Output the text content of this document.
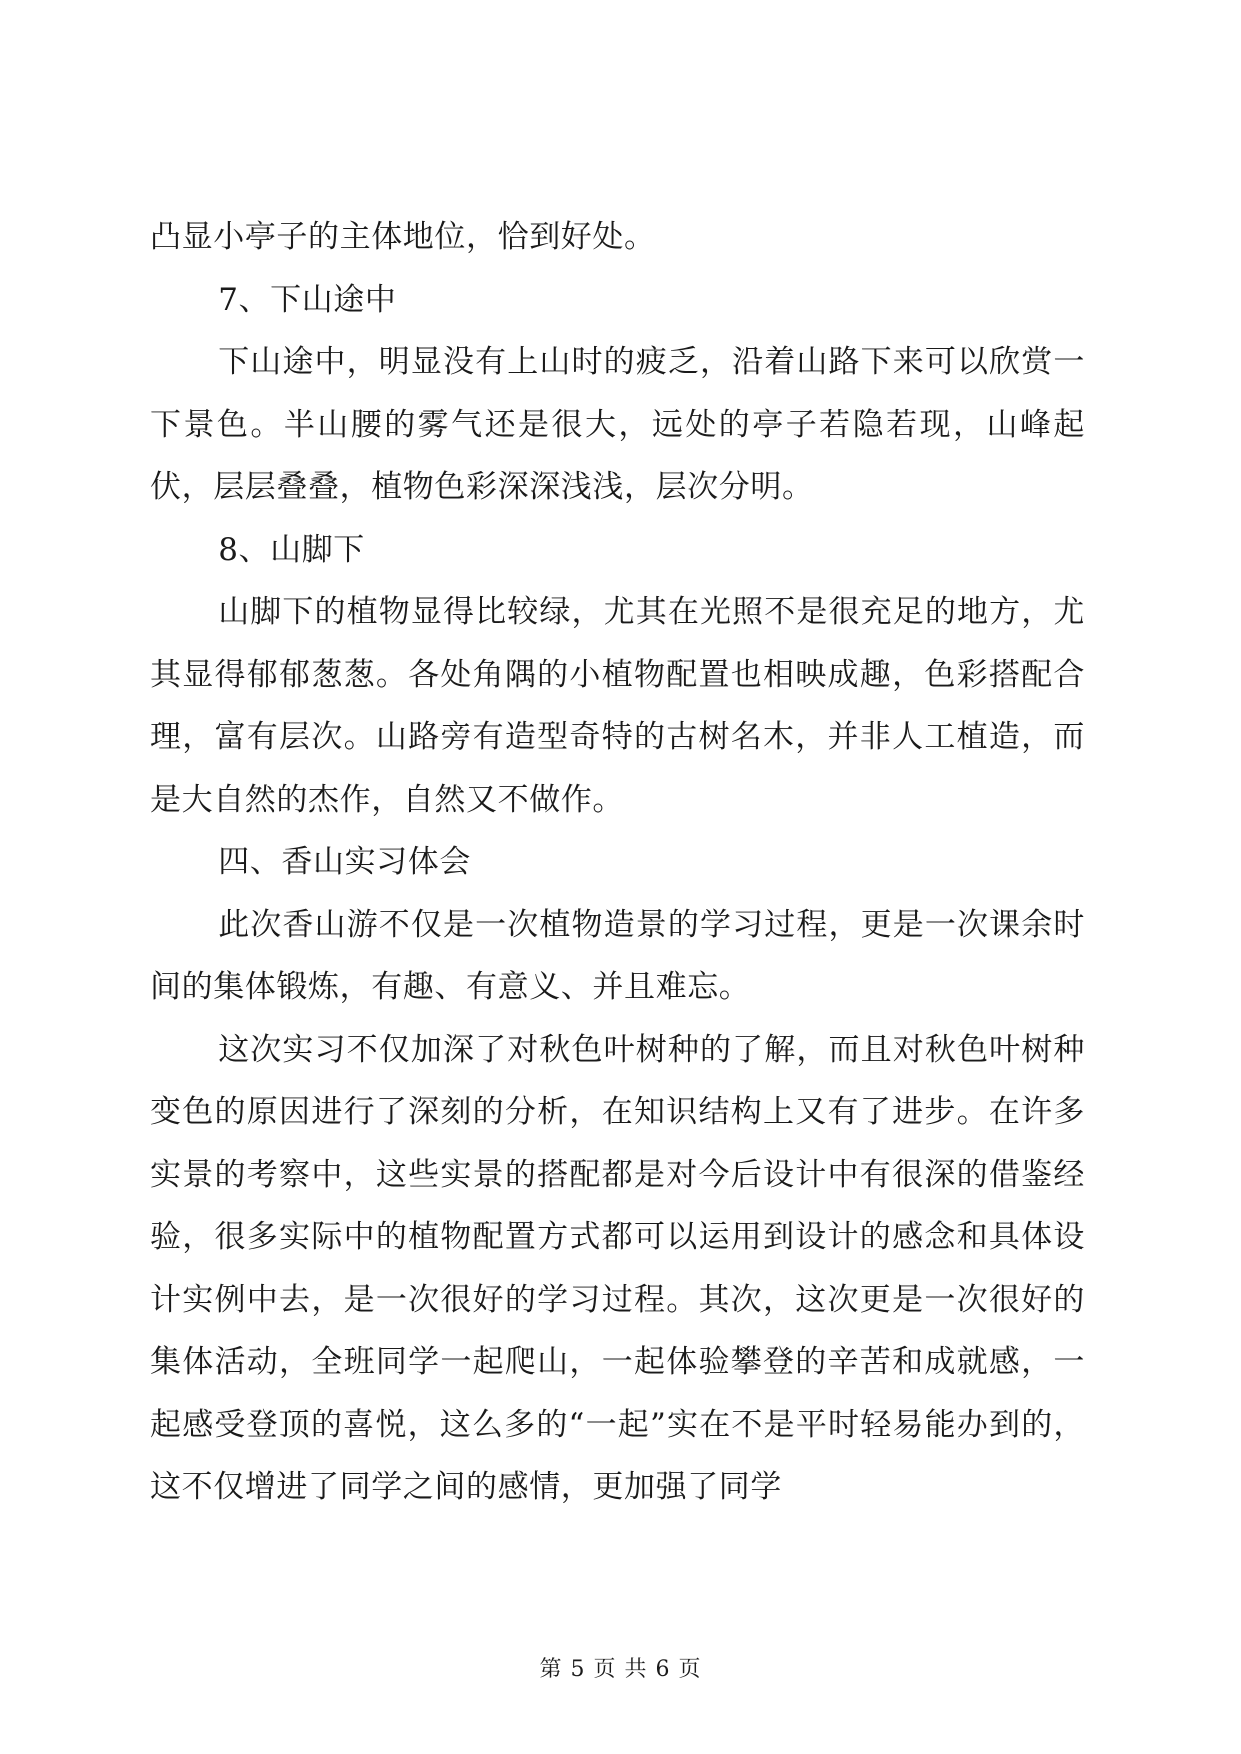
凸显小亭子的主体地位，恰到好处。

7、下山途中

下山途中，明显没有上山时的疲乏，沿着山路下来可以欣赏一下景色。半山腰的雾气还是很大，远处的亭子若隐若现，山峰起伏，层层叠叠，植物色彩深深浅浅，层次分明。

8、山脚下

山脚下的植物显得比较绿，尤其在光照不是很充足的地方，尤其显得郁郁葱葱。各处角隅的小植物配置也相映成趣，色彩搭配合理，富有层次。山路旁有造型奇特的古树名木，并非人工植造，而是大自然的杰作，自然又不做作。

四、香山实习体会

此次香山游不仅是一次植物造景的学习过程，更是一次课余时间的集体锻炼，有趣、有意义、并且难忘。

这次实习不仅加深了对秋色叶树种的了解，而且对秋色叶树种变色的原因进行了深刻的分析，在知识结构上又有了进步。在许多实景的考察中，这些实景的搭配都是对今后设计中有很深的借鉴经验，很多实际中的植物配置方式都可以运用到设计的感念和具体设计实例中去，是一次很好的学习过程。其次，这次更是一次很好的集体活动，全班同学一起爬山，一起体验攀登的辛苦和成就感，一起感受登顶的喜悦，这么多的“一起”实在不是平时轻易能办到的，这不仅增进了同学之间的感情，更加强了同学

第 5 页 共 6 页
